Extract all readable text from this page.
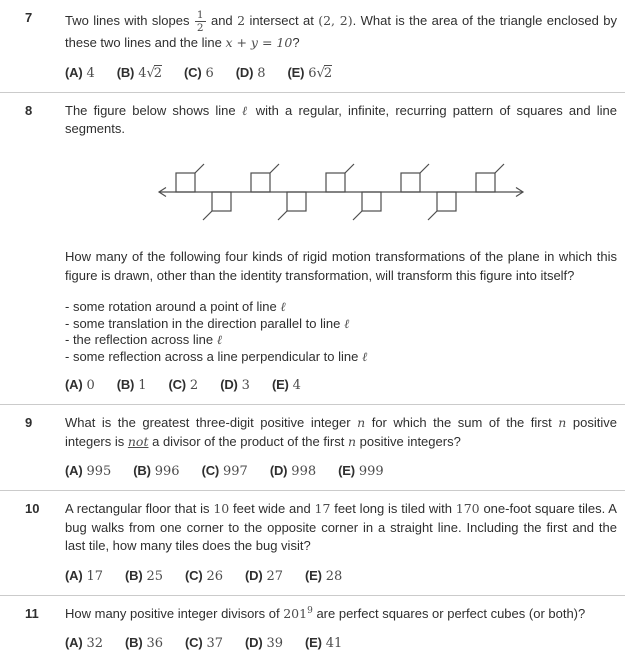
7	Two lines with slopes $\frac{1}{2}$ and 2 intersect at (2, 2). What is the area of the triangle enclosed by these two lines and the line x + y = 10?

(A) 4 (B) 4√2 (C) 6 (D) 8 (E) 6√2
8	The figure below shows line ℓ with a regular, infinite, recurring pattern of squares and line segments.

How many of the following four kinds of rigid motion transformations of the plane in which this figure is drawn, other than the identity transformation, will transform this figure into itself?

- some rotation around a point of line ℓ
- some translation in the direction parallel to line ℓ
- the reflection across line ℓ
- some reflection across a line perpendicular to line ℓ
(A) 0 (B) 1 (C) 2 (D) 3 (E) 4
9	What is the greatest three-digit positive integer n for which the sum of the first n positive integers is not a divisor of the product of the first n positive integers?

(A) 995 (B) 996 (C) 997 (D) 998 (E) 999
10	A rectangular floor that is 10 feet wide and 17 feet long is tiled with 170 one-foot square tiles. A bug walks from one corner to the opposite corner in a straight line. Including the first and the last tile, how many tiles does the bug visit?

(A) 17 (B) 25 (C) 26 (D) 27 (E) 28
11	How many positive integer divisors of $201^9$ are perfect squares or perfect cubes (or both)?

(A) 32 (B) 36 (C) 37 (D) 39 (E) 41
